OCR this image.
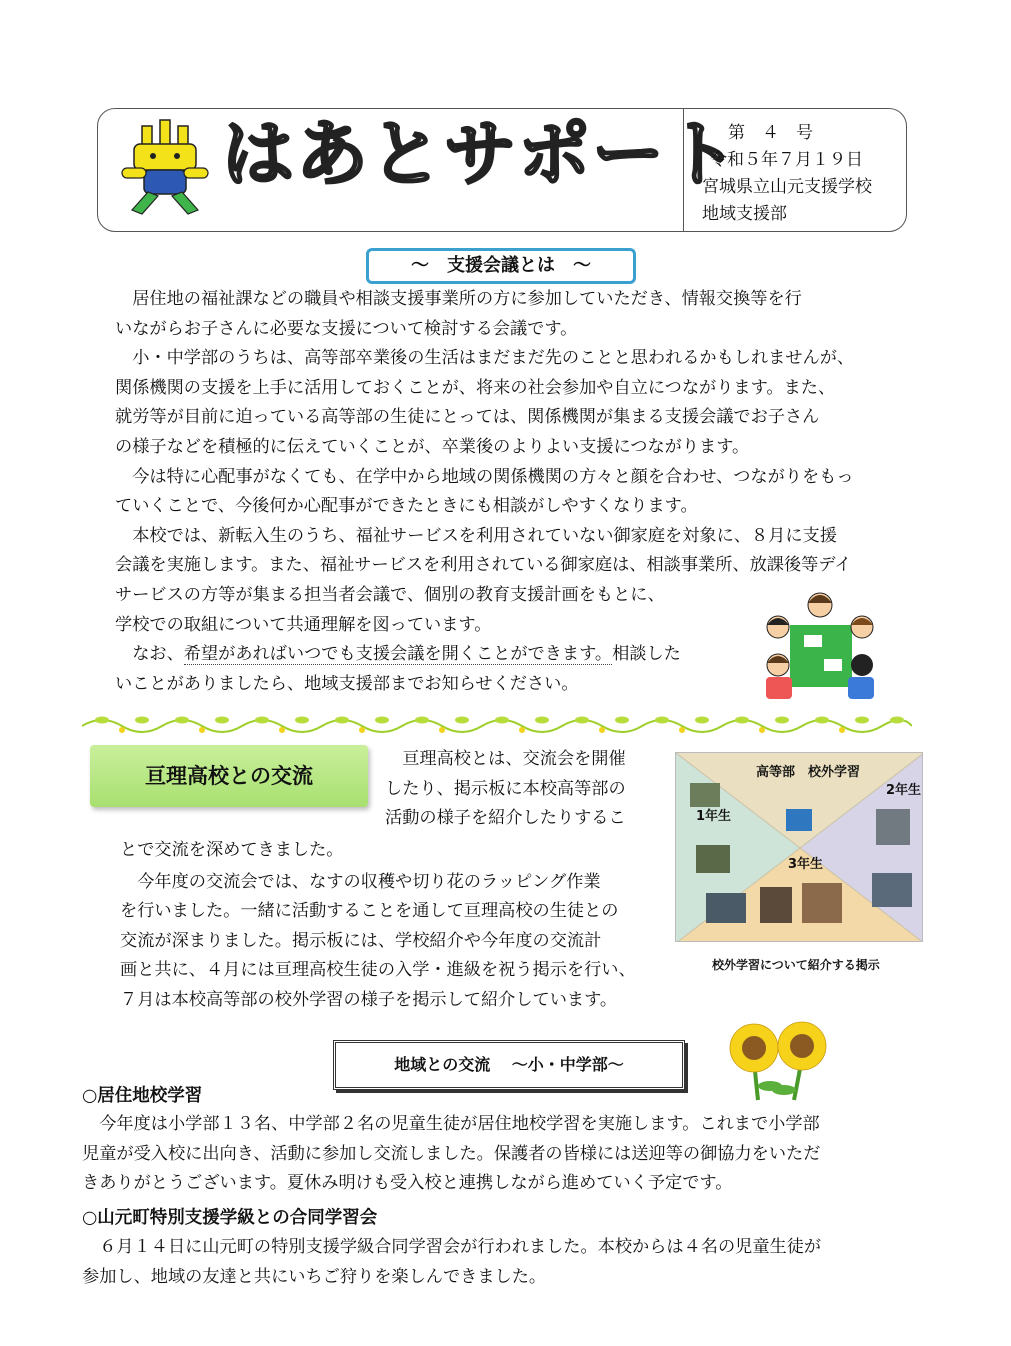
はあとサポート
第　４　号
令和５年７月１９日
宮城県立山元支援学校
地域支援部
～　支援会議とは　～
　居住地の福祉課などの職員や相談支援事業所の方に参加していただき、情報交換等を行
いながらお子さんに必要な支援について検討する会議です。
　小・中学部のうちは、高等部卒業後の生活はまだまだ先のことと思われるかもしれませんが、
関係機関の支援を上手に活用しておくことが、将来の社会参加や自立につながります。また、
就労等が目前に迫っている高等部の生徒にとっては、関係機関が集まる支援会議でお子さん
の様子などを積極的に伝えていくことが、卒業後のよりよい支援につながります。
　今は特に心配事がなくても、在学中から地域の関係機関の方々と顔を合わせ、つながりをもっ
ていくことで、今後何か心配事ができたときにも相談がしやすくなります。
　本校では、新転入生のうち、福祉サービスを利用されていない御家庭を対象に、８月に支援
会議を実施します。また、福祉サービスを利用されている御家庭は、相談事業所、放課後等デイ
サービスの方等が集まる担当者会議で、個別の教育支援計画をもとに、
学校での取組について共通理解を図っています。
　なお、希望があればいつでも支援会議を開くことができます。相談した
いことがありましたら、地域支援部までお知らせください。
亘理高校との交流
　亘理高校とは、交流会を開催
したり、掲示板に本校高等部の
活動の様子を紹介したりするこ
とで交流を深めてきました。
　今年度の交流会では、なすの収穫や切り花のラッピング作業
を行いました。一緒に活動することを通して亘理高校の生徒との
交流が深まりました。掲示板には、学校紹介や今年度の交流計
画と共に、４月には亘理高校生徒の入学・進級を祝う掲示を行い、
７月は本校高等部の校外学習の様子を掲示して紹介しています。
高等部　校外学習
1年生
2年生
3年生
校外学習について紹介する掲示
地域との交流　 ～小・中学部～
○居住地校学習
　今年度は小学部１３名、中学部２名の児童生徒が居住地校学習を実施します。これまで小学部
児童が受入校に出向き、活動に参加し交流しました。保護者の皆様には送迎等の御協力をいただ
きありがとうございます。夏休み明けも受入校と連携しながら進めていく予定です。
○山元町特別支援学級との合同学習会
　６月１４日に山元町の特別支援学級合同学習会が行われました。本校からは４名の児童生徒が
参加し、地域の友達と共にいちご狩りを楽しんできました。
